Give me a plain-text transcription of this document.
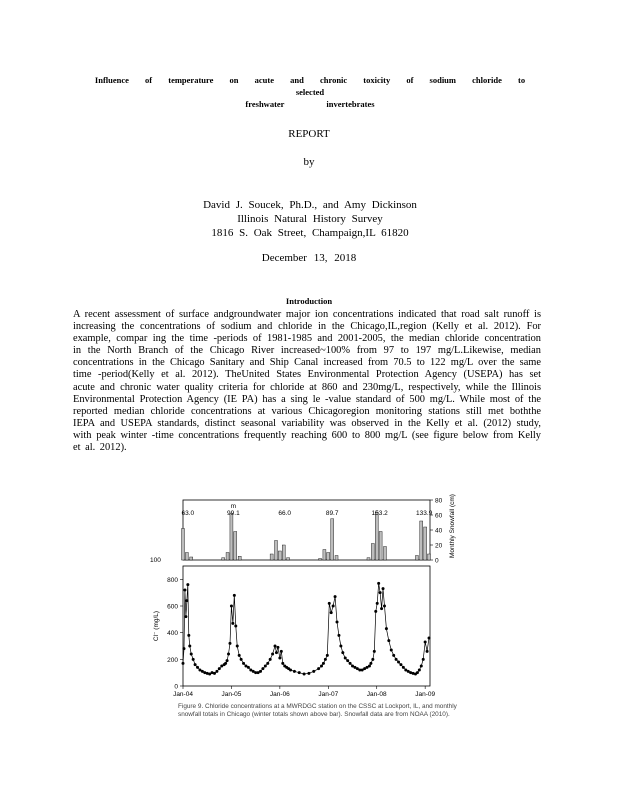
Influence of temperature on acute and chronic toxicity of sodium chloride to selected
freshwater invertebrates
REPORT
by
David J. Soucek, Ph.D., and Amy Dickinson
Illinois Natural History Survey
1816 S. Oak Street, Champaign,IL 61820
December 13, 2018
Introduction
A recent assessment of surface andgroundwater major ion concentrations indicated that road salt runoff is increasing the concentrations of sodium and chloride in the Chicago,IL,region (Kelly et al. 2012). For example, compar ing the time -periods of 1981-1985 and 2001-2005, the median chloride concentration in the North Branch of the Chicago River increased~100% from 97 to 197 mg/L.Likewise, median concentrations in the Chicago Sanitary and Ship Canal increased from 70.5 to 122 mg/L over the same time -period(Kelly et al. 2012). TheUnited States Environmental Protection Agency (USEPA) has set acute and chronic water quality criteria for chloride at 860 and 230mg/L, respectively, while the Illinois Environmental Protection Agency (IE PA) has a sing le -value standard of 500 mg/L. While most of the reported median chloride concentrations at various Chicagoregion monitoring stations still met boththe IEPA and USEPA standards, distinct seasonal variability was observed in the Kelly et al. (2012) study, with peak winter -time concentrations frequently reaching 600 to 800 mg/L (see figure below from Kelly et al. 2012).
0
20
40
60
80
100
Monthly Snowfall (cm)
63.0	99.1	66.0	89.7	153.2	133.9
m
0
200
400
600
800
Cl⁻ (mg/L)
Jan-04	Jan-05	Jan-06	Jan-07	Jan-08	Jan-09
Figure 9. Chloride concentrations at a MWRDGC station on the CSSC at Lockport, IL, and monthly snowfall totals in Chicago (winter totals shown above bar). Snowfall data are from NOAA (2010).
